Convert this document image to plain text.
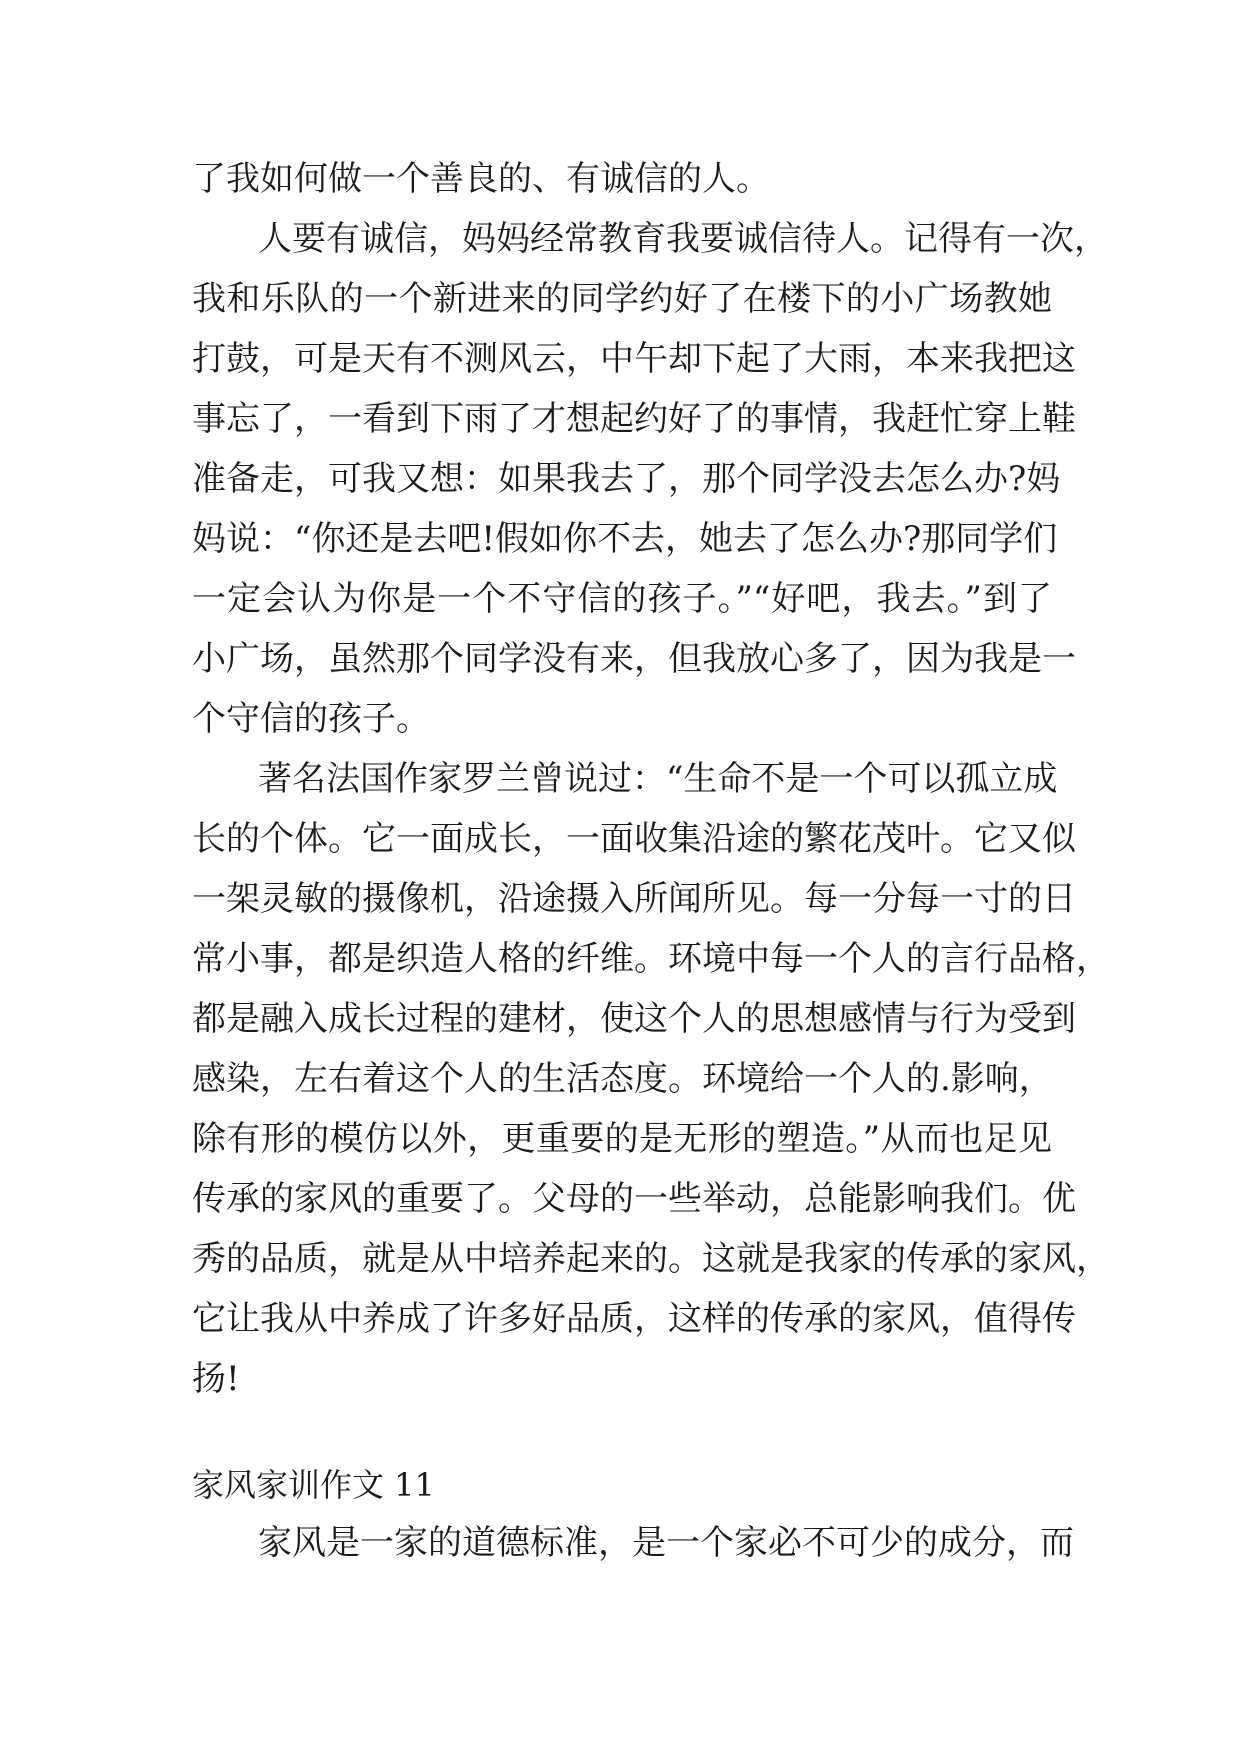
了我如何做一个善良的、有诚信的人。
人要有诚信，妈妈经常教育我要诚信待人。记得有一次，
我和乐队的一个新进来的同学约好了在楼下的小广场教她
打鼓，可是天有不测风云，中午却下起了大雨，本来我把这
事忘了，一看到下雨了才想起约好了的事情，我赶忙穿上鞋
准备走，可我又想：如果我去了，那个同学没去怎么办?妈
妈说：“你还是去吧!假如你不去，她去了怎么办?那同学们
一定会认为你是一个不守信的孩子。”“好吧，我去。”到了
小广场，虽然那个同学没有来，但我放心多了，因为我是一
个守信的孩子。
著名法国作家罗兰曾说过：“生命不是一个可以孤立成
长的个体。它一面成长，一面收集沿途的繁花茂叶。它又似
一架灵敏的摄像机，沿途摄入所闻所见。每一分每一寸的日
常小事，都是织造人格的纤维。环境中每一个人的言行品格，
都是融入成长过程的建材，使这个人的思想感情与行为受到
感染，左右着这个人的生活态度。环境给一个人的.影响，
除有形的模仿以外，更重要的是无形的塑造。”从而也足见
传承的家风的重要了。父母的一些举动，总能影响我们。优
秀的品质，就是从中培养起来的。这就是我家的传承的家风，
它让我从中养成了许多好品质，这样的传承的家风，值得传
扬!
家风家训作文 11
家风是一家的道德标准，是一个家必不可少的成分，而
